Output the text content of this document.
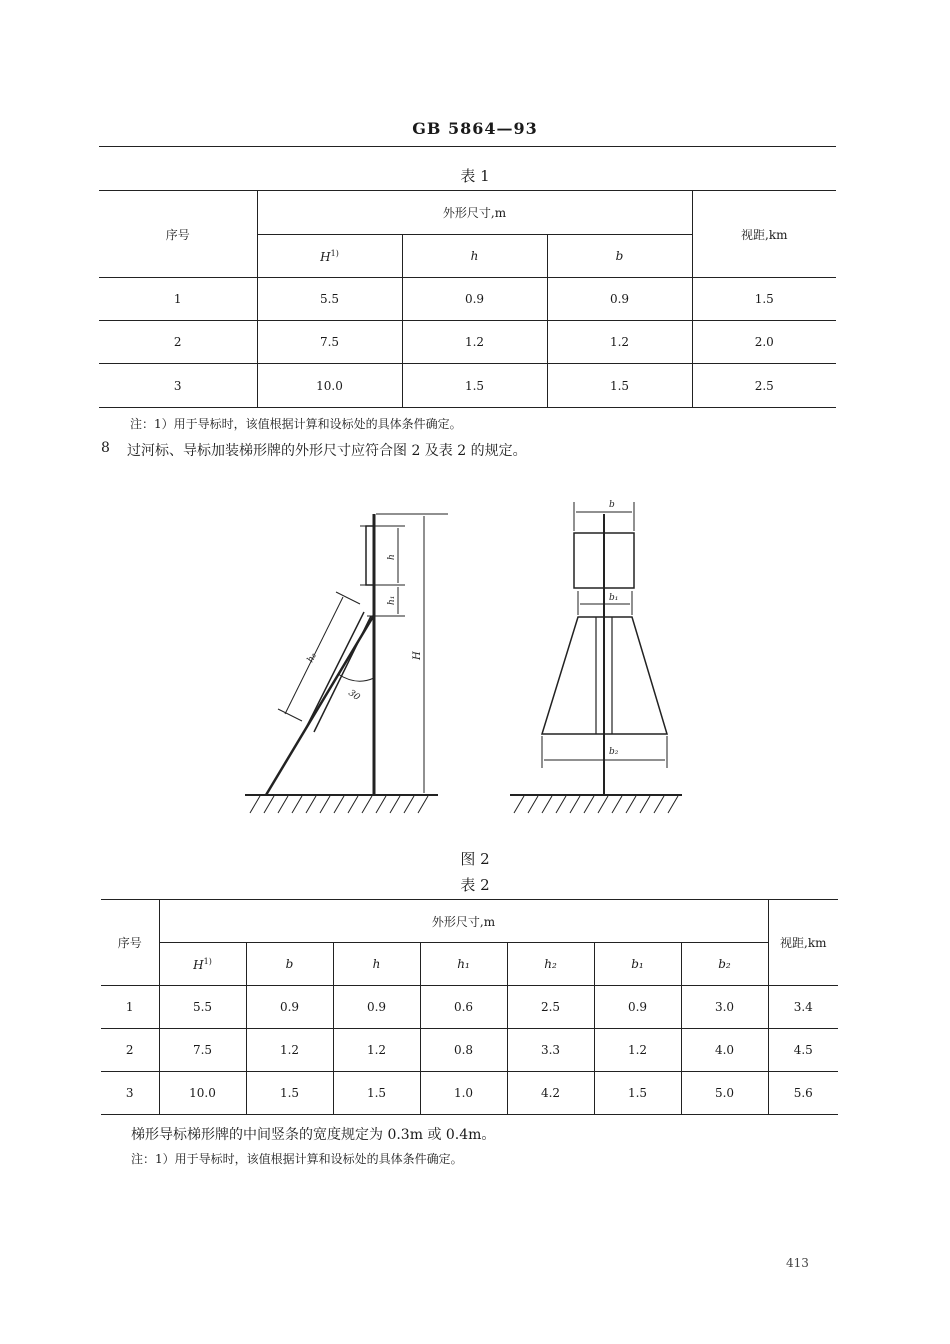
GB 5864—93
表 1
序号	外形尺寸,m			视距,km
	$H^{1)}$	h	b	
1	5.5	0.9	0.9	1.5
2	7.5	1.2	1.2	2.0
3	10.0	1.5	1.5	2.5
注：1）用于导标时，该值根据计算和设标处的具体条件确定。
8 过河标、导标加装梯形牌的外形尺寸应符合图 2 及表 2 的规定。
h
h₁
H
h₂
30
b
b₁
b₂
图 2
表 2
序号	外形尺寸,m							视距,km
	$H^{1)}$	b	h	h₁	h₂	b₁	b₂	
1	5.5	0.9	0.9	0.6	2.5	0.9	3.0	3.4
2	7.5	1.2	1.2	0.8	3.3	1.2	4.0	4.5
3	10.0	1.5	1.5	1.0	4.2	1.5	5.0	5.6
梯形导标梯形牌的中间竖条的宽度规定为 0.3m 或 0.4m。
注：1）用于导标时，该值根据计算和设标处的具体条件确定。
413
